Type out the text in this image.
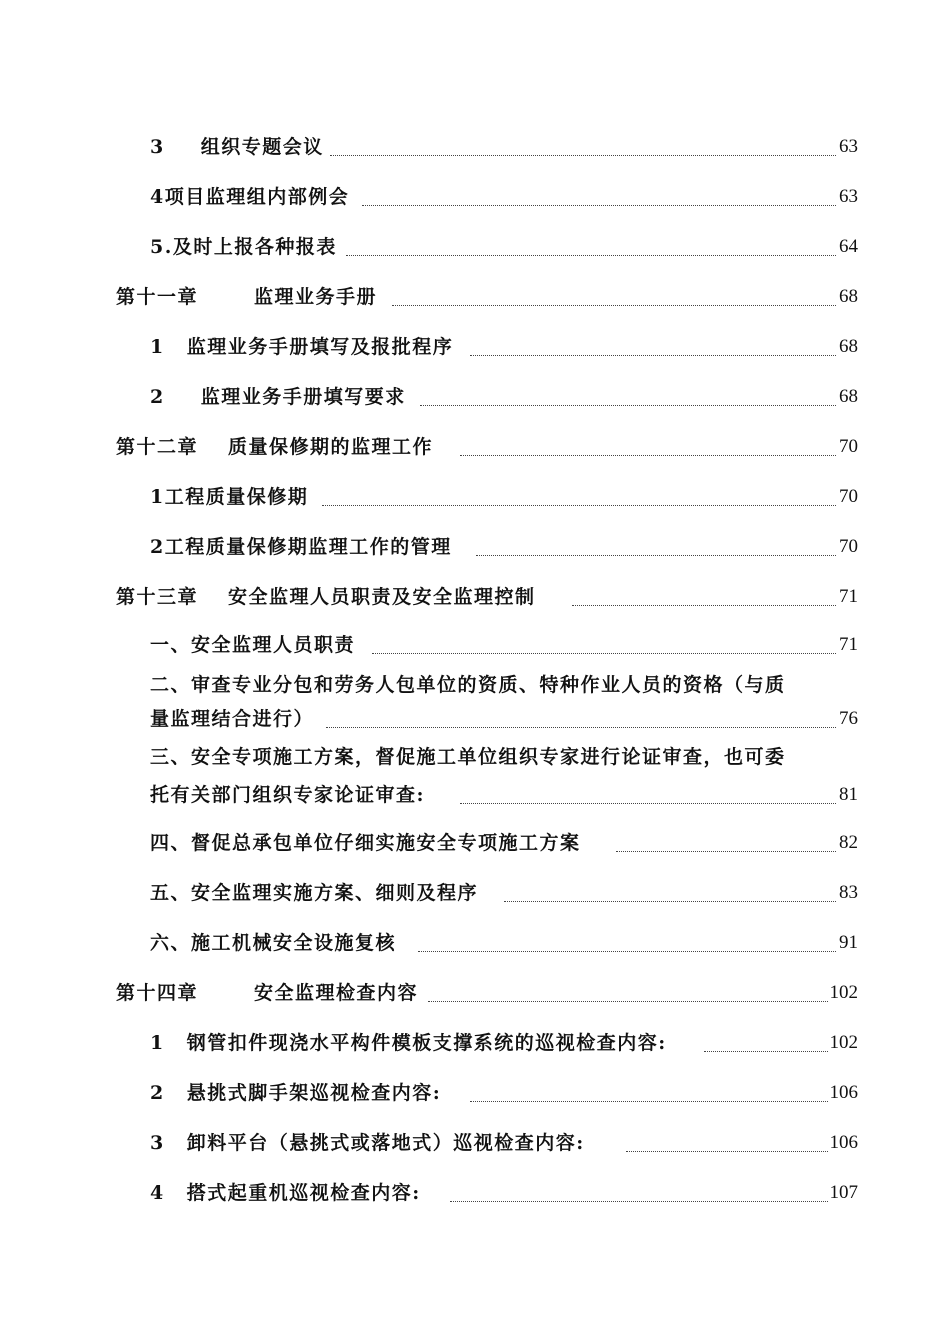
3 组织专题会议	63
4项目监理组内部例会	63
5.及时上报各种报表	64
第十一章	监理业务手册	68
1 监理业务手册填写及报批程序	68
2 监理业务手册填写要求	68
第十二章 质量保修期的监理工作	70
1工程质量保修期	70
2工程质量保修期监理工作的管理	70
第十三章 安全监理人员职责及安全监理控制	71
一、安全监理人员职责	71
二、审查专业分包和劳务人包单位的资质、特种作业人员的资格（与质
量监理结合进行）	76
三、安全专项施工方案，督促施工单位组织专家进行论证审查，也可委
托有关部门组织专家论证审查:	81
四、督促总承包单位仔细实施安全专项施工方案	82
五、安全监理实施方案、细则及程序	83
六、施工机械安全设施复核	91
第十四章	安全监理检查内容	102
1 钢管扣件现浇水平构件模板支撑系统的巡视检查内容:	102
2 悬挑式脚手架巡视检查内容:	106
3 卸料平台（悬挑式或落地式）巡视检查内容:	106
4 搭式起重机巡视检查内容:	107
